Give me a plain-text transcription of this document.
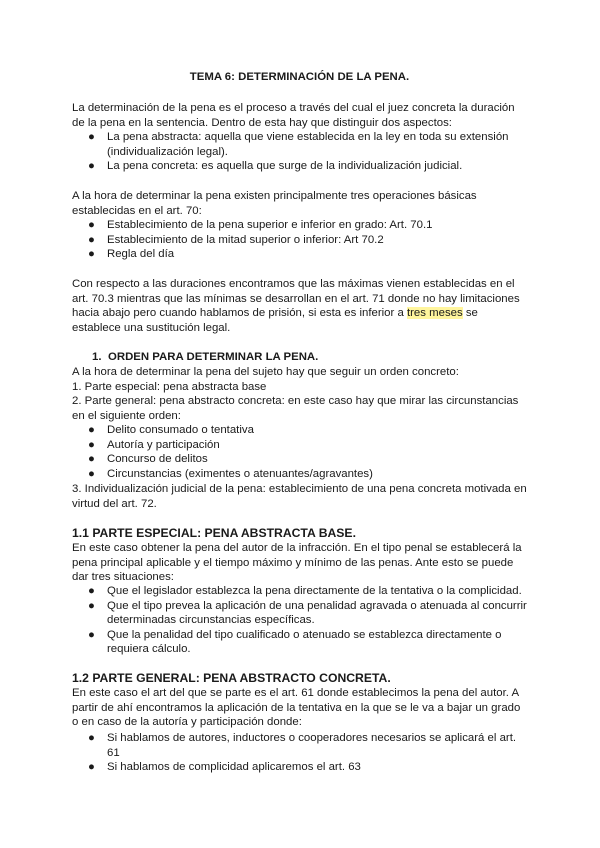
TEMA 6: DETERMINACIÓN DE LA PENA.

La determinación de la pena es el proceso a través del cual el juez concreta la duración de la pena en la sentencia. Dentro de esta hay que distinguir dos aspectos:

● La pena abstracta: aquella que viene establecida en la ley en toda su extensión (individualización legal).
● La pena concreta: es aquella que surge de la individualización judicial.

A la hora de determinar la pena existen principalmente tres operaciones básicas establecidas en el art. 70:

● Establecimiento de la pena superior e inferior en grado: Art. 70.1
● Establecimiento de la mitad superior o inferior: Art 70.2
● Regla del día

Con respecto a las duraciones encontramos que las máximas vienen establecidas en el art. 70.3 mientras que las mínimas se desarrollan en el art. 71 donde no hay limitaciones hacia abajo pero cuando hablamos de prisión, si esta es inferior a tres meses se establece una sustitución legal.

1. ORDEN PARA DETERMINAR LA PENA.

A la hora de determinar la pena del sujeto hay que seguir un orden concreto:

1. Parte especial: pena abstracta base

2. Parte general: pena abstracto concreta: en este caso hay que mirar las circunstancias en el siguiente orden:

● Delito consumado o tentativa
● Autoría y participación
● Concurso de delitos
● Circunstancias (eximentes o atenuantes/agravantes)

3. Individualización judicial de la pena: establecimiento de una pena concreta motivada en virtud del art. 72.

1.1 PARTE ESPECIAL: PENA ABSTRACTA BASE.

En este caso obtener la pena del autor de la infracción. En el tipo penal se establecerá la pena principal aplicable y el tiempo máximo y mínimo de las penas. Ante esto se puede dar tres situaciones:

● Que el legislador establezca la pena directamente de la tentativa o la complicidad.
● Que el tipo prevea la aplicación de una penalidad agravada o atenuada al concurrir determinadas circunstancias específicas.
● Que la penalidad del tipo cualificado o atenuado se establezca directamente o requiera cálculo.
1.2 PARTE GENERAL: PENA ABSTRACTO CONCRETA.

En este caso el art del que se parte es el art. 61 donde establecimos la pena del autor. A partir de ahí encontramos la aplicación de la tentativa en la que se le va a bajar un grado o en caso de la autoría y participación donde:

● Si hablamos de autores, inductores o cooperadores necesarios se aplicará el art. 61
● Si hablamos de complicidad aplicaremos el art. 63
